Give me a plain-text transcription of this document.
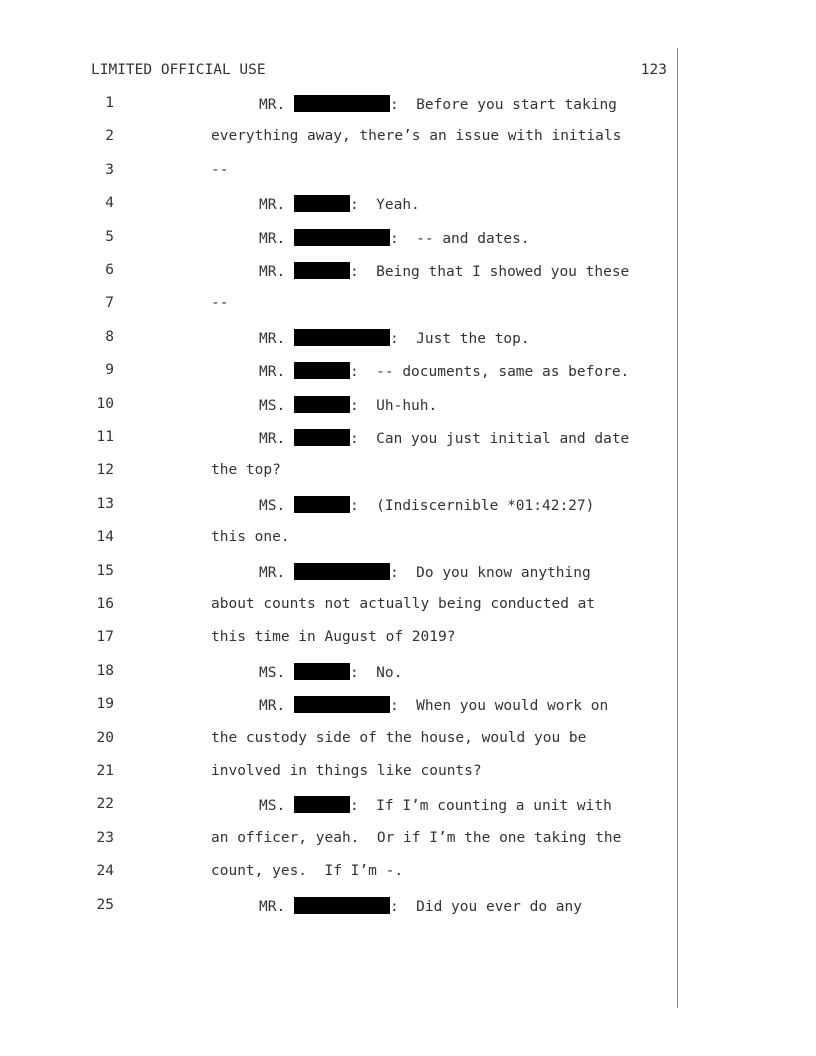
LIMITED OFFICIAL USE	123
1	MR.	:  Before you start taking
2	everything away, there’s an issue with initials
3	--
4	MR.	:  Yeah.
5	MR.	:  -- and dates.
6	MR.	:  Being that I showed you these
7	--
8	MR.	:  Just the top.
9	MR.	:  -- documents, same as before.
10	MS.	:  Uh-huh.
11	MR.	:  Can you just initial and date
12	the top?
13	MS.	:  (Indiscernible *01:42:27)
14	this one.
15	MR.	:  Do you know anything
16	about counts not actually being conducted at
17	this time in August of 2019?
18	MS.	:  No.
19	MR.	:  When you would work on
20	the custody side of the house, would you be
21	involved in things like counts?
22	MS.	:  If I’m counting a unit with
23	an officer, yeah.  Or if I’m the one taking the
24	count, yes.  If I’m -.
25	MR.	:  Did you ever do any
